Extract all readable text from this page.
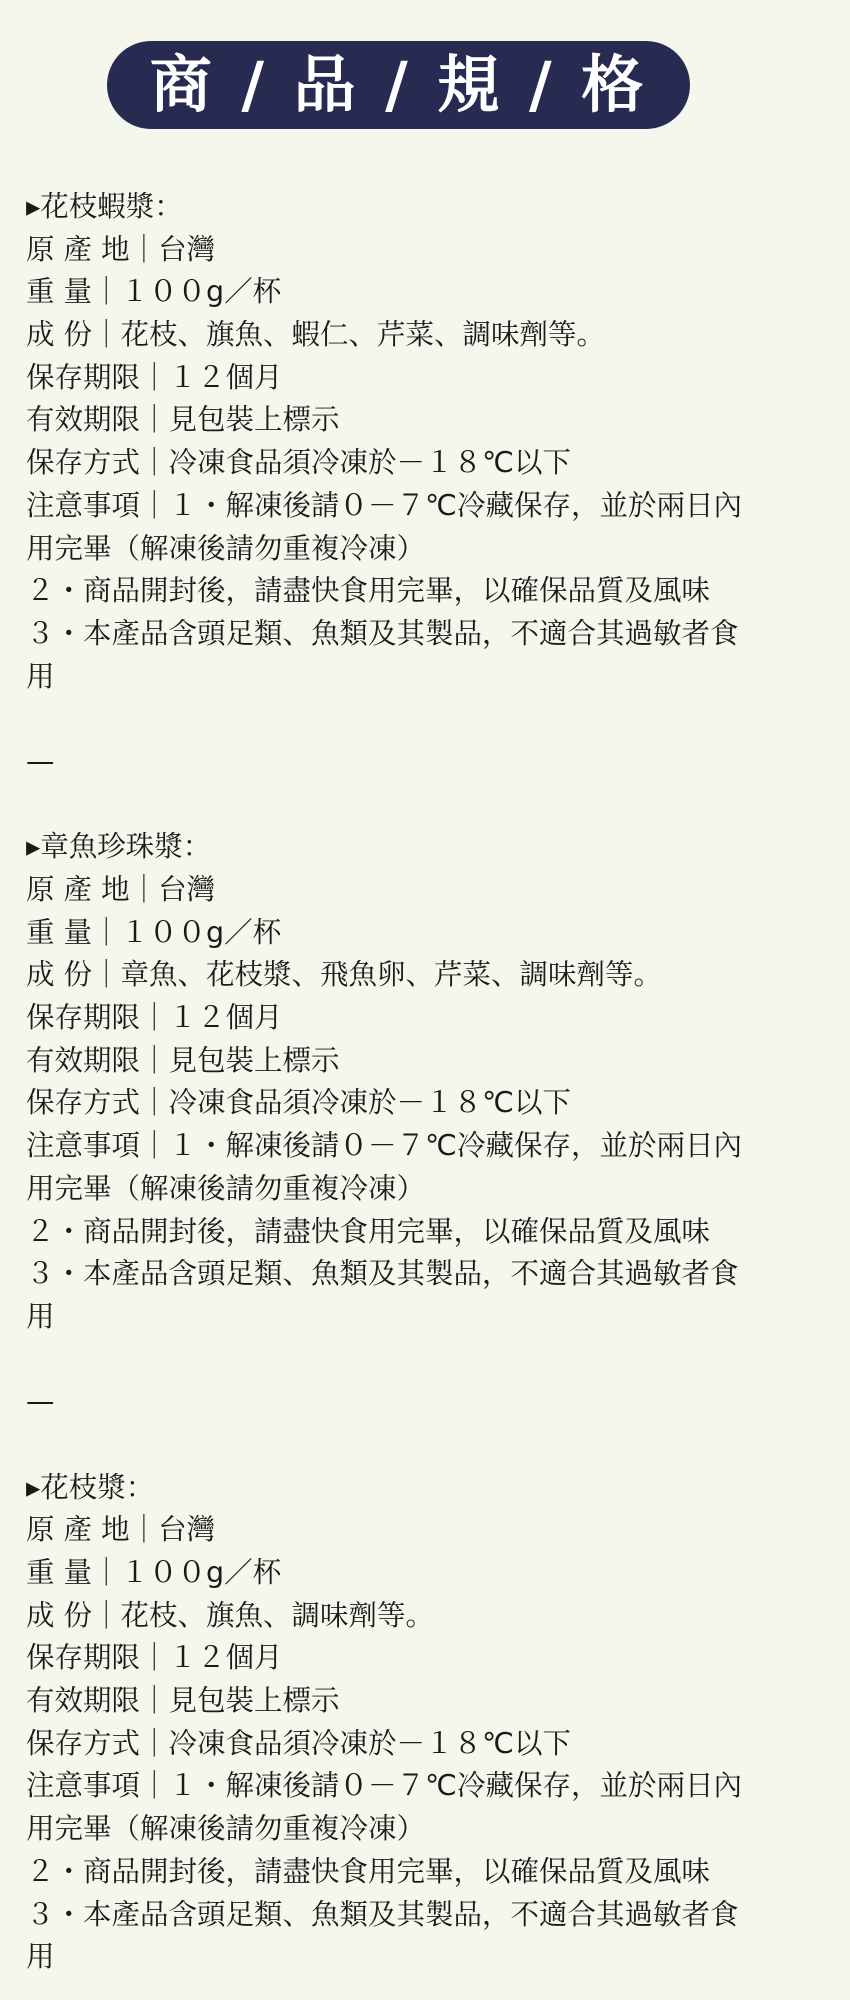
商 / 品 / 規 / 格
▸花枝蝦漿：
原 產 地｜台灣
重 量｜１００g／杯
成 份｜花枝、旗魚、蝦仁、芹菜、調味劑等。
保存期限｜１２個月
有效期限｜見包裝上標示
保存方式｜冷凍食品須冷凍於－１８℃以下
注意事項｜１・解凍後請０－７℃冷藏保存，並於兩日內
用完畢（解凍後請勿重複冷凍）
２・商品開封後，請盡快食用完畢，以確保品質及風味
３・本產品含頭足類、魚類及其製品，不適合其過敏者食
用
—
▸章魚珍珠漿：
原 產 地｜台灣
重 量｜１００g／杯
成 份｜章魚、花枝漿、飛魚卵、芹菜、調味劑等。
保存期限｜１２個月
有效期限｜見包裝上標示
保存方式｜冷凍食品須冷凍於－１８℃以下
注意事項｜１・解凍後請０－７℃冷藏保存，並於兩日內
用完畢（解凍後請勿重複冷凍）
２・商品開封後，請盡快食用完畢，以確保品質及風味
３・本產品含頭足類、魚類及其製品，不適合其過敏者食
用
—
▸花枝漿：
原 產 地｜台灣
重 量｜１００g／杯
成 份｜花枝、旗魚、調味劑等。
保存期限｜１２個月
有效期限｜見包裝上標示
保存方式｜冷凍食品須冷凍於－１８℃以下
注意事項｜１・解凍後請０－７℃冷藏保存，並於兩日內
用完畢（解凍後請勿重複冷凍）
２・商品開封後，請盡快食用完畢，以確保品質及風味
３・本產品含頭足類、魚類及其製品，不適合其過敏者食
用
